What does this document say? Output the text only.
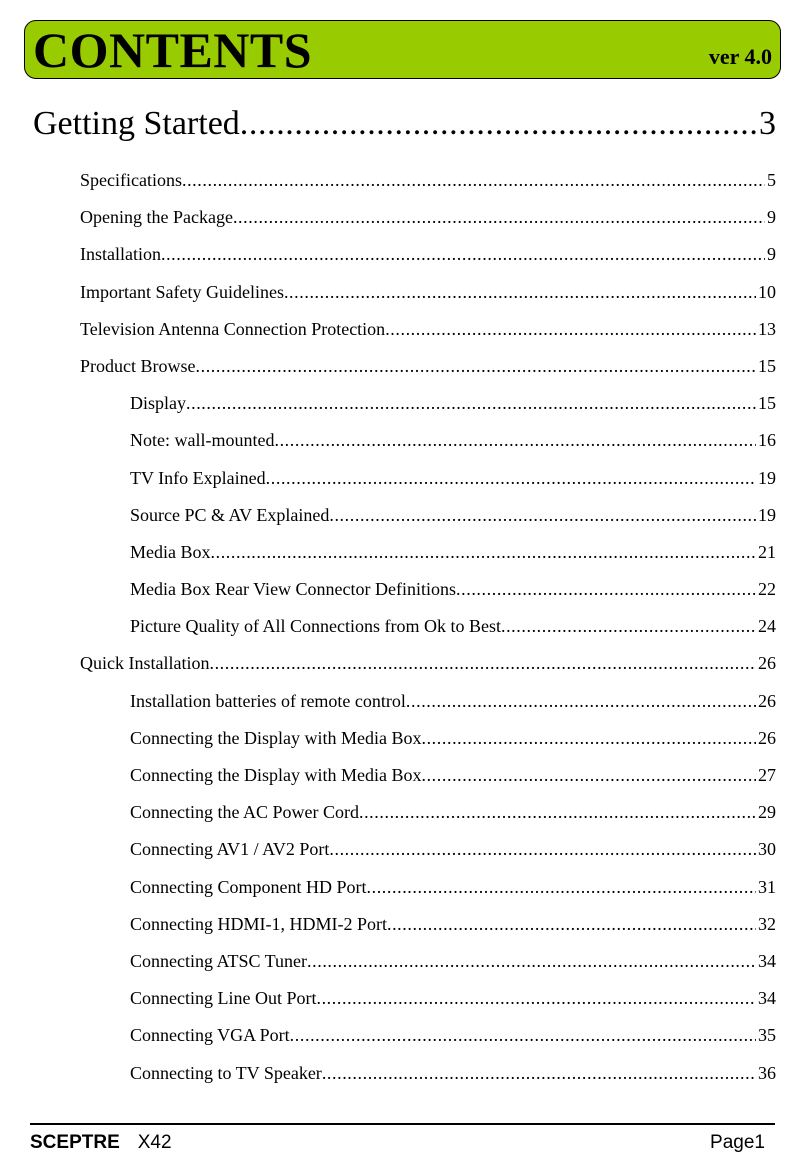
CONTENTS	ver 4.0
Getting Started .....	3
Specifications .....	5
Opening the Package .....	9
Installation .....	9
Important Safety Guidelines .....	10
Television Antenna Connection Protection .....	13
Product Browse .....	15
Display .....	15
Note: wall-mounted .....	16
TV Info Explained .....	19
Source PC & AV Explained .....	19
Media Box .....	21
Media Box Rear View Connector Definitions .....	22
Picture Quality of All Connections from Ok to Best .....	24
Quick Installation .....	26
Installation batteries of remote control .....	26
Connecting the Display with Media Box .....	26
Connecting the Display with Media Box .....	27
Connecting the AC Power Cord .....	29
Connecting AV1 / AV2 Port .....	30
Connecting Component HD Port .....	31
Connecting HDMI-1, HDMI-2 Port .....	32
Connecting ATSC Tuner .....	34
Connecting Line Out Port .....	34
Connecting VGA Port .....	35
Connecting to TV Speaker .....	36
SCEPTRE X42	Page1
